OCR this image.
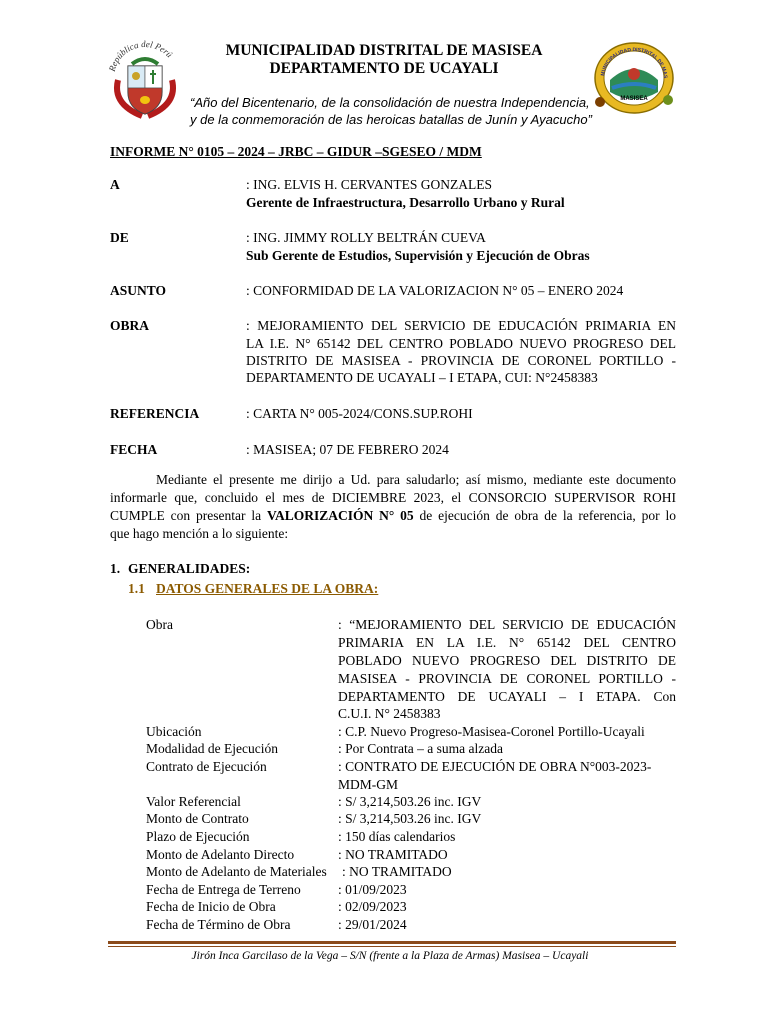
República del Perú
MUNICIPALIDAD DISTRITAL DE MAS
MASISEA
MUNICIPALIDAD DISTRITAL DE MASISEA
DEPARTAMENTO DE UCAYALI
“Año del Bicentenario, de la consolidación de nuestra Independencia,
y de la conmemoración de las heroicas batallas de Junín y Ayacucho”
INFORME N° 0105 – 2024 – JRBC – GIDUR –SGESEO / MDM
A	: ING. ELVIS H. CERVANTES GONZALES
Gerente de Infraestructura, Desarrollo Urbano y Rural
DE	: ING. JIMMY ROLLY BELTRÁN CUEVA
Sub Gerente de Estudios, Supervisión y Ejecución de Obras
ASUNTO	: CONFORMIDAD DE LA VALORIZACION N° 05 – ENERO 2024
OBRA	: MEJORAMIENTO DEL SERVICIO DE EDUCACIÓN PRIMARIA EN
LA I.E. N° 65142 DEL CENTRO POBLADO NUEVO PROGRESO DEL
DISTRITO DE MASISEA - PROVINCIA DE CORONEL PORTILLO -
DEPARTAMENTO DE UCAYALI – I ETAPA, CUI: N°2458383
REFERENCIA	: CARTA N° 005-2024/CONS.SUP.ROHI
FECHA	: MASISEA; 07 DE FEBRERO 2024
Mediante el presente me dirijo a Ud. para saludarlo; así mismo, mediante este documento
informarle que, concluido el mes de DICIEMBRE 2023, el CONSORCIO SUPERVISOR ROHI
CUMPLE con presentar la VALORIZACIÓN N° 05 de ejecución de obra de la referencia, por lo
que hago mención a lo siguiente:
1. GENERALIDADES:
1.1 DATOS GENERALES DE LA OBRA:
Obra	: “MEJORAMIENTO DEL SERVICIO DE EDUCACIÓN
PRIMARIA EN LA I.E. N° 65142 DEL CENTRO
POBLADO NUEVO PROGRESO DEL DISTRITO DE
MASISEA - PROVINCIA DE CORONEL PORTILLO -
DEPARTAMENTO DE UCAYALI – I ETAPA. Con
C.U.I. N° 2458383
Ubicación	: C.P. Nuevo Progreso-Masisea-Coronel Portillo-Ucayali
Modalidad de Ejecución	: Por Contrata – a suma alzada
Contrato de Ejecución	: CONTRATO DE EJECUCIÓN DE OBRA N°003-2023-
MDM-GM
Valor Referencial	: S/ 3,214,503.26 inc. IGV
Monto de Contrato	: S/ 3,214,503.26 inc. IGV
Plazo de Ejecución	: 150 días calendarios
Monto de Adelanto Directo	: NO TRAMITADO
Monto de Adelanto de Materiales : NO TRAMITADO
Fecha de Entrega de Terreno	: 01/09/2023
Fecha de Inicio de Obra	: 02/09/2023
Fecha de Término de Obra	: 29/01/2024
Jirón Inca Garcilaso de la Vega – S/N (frente a la Plaza de Armas) Masisea – Ucayali
